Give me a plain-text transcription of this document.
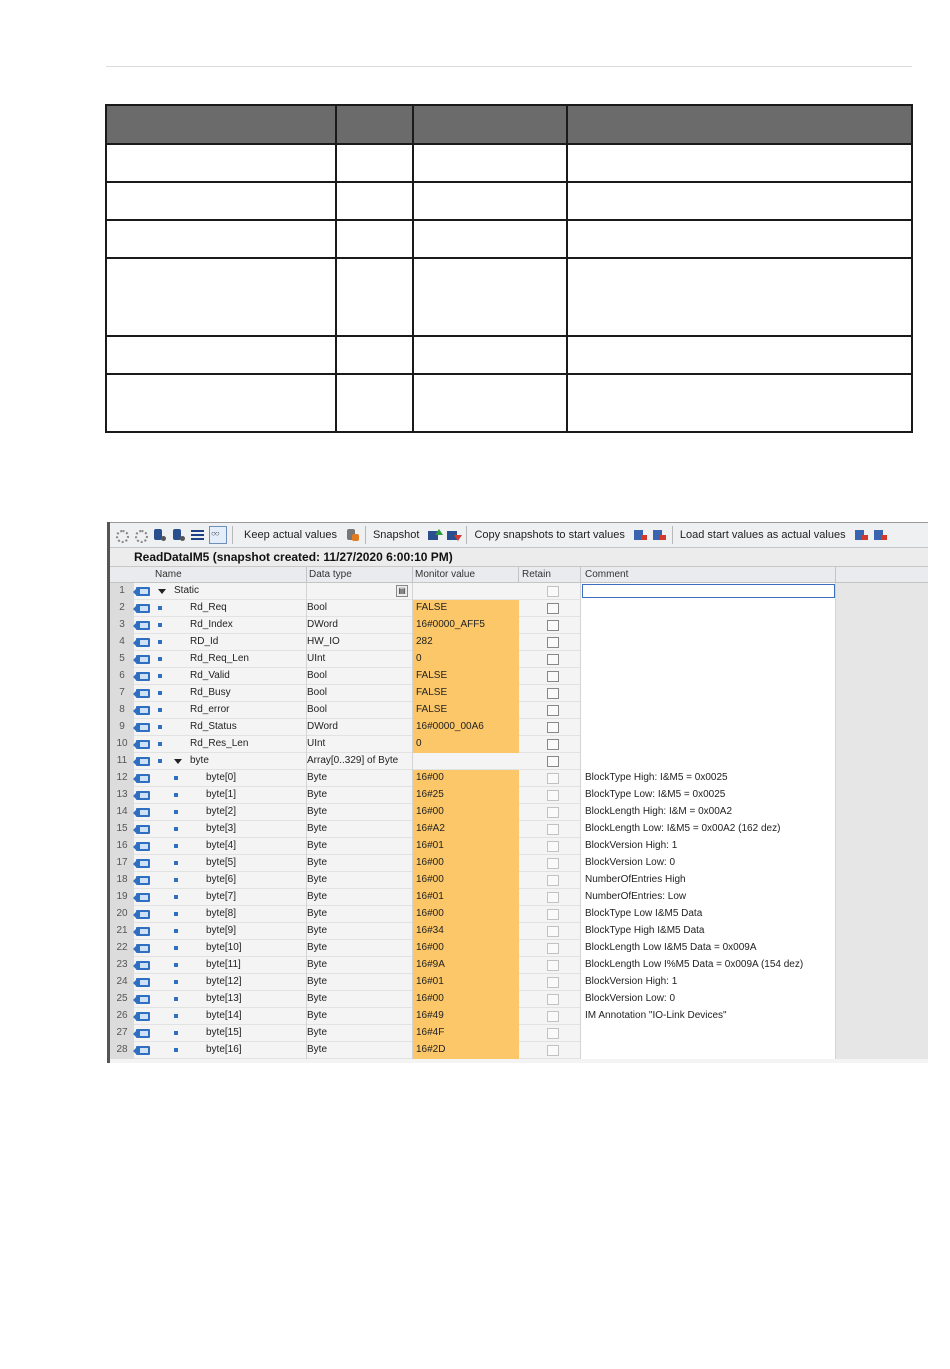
○○
Keep actual values	Snapshot	Copy snapshots to start values	Load start values as actual values
ReadDataIM5 (snapshot created: 11/27/2020 6:00:10 PM)
Name	Data type	Monitor value	Retain	Comment
1	Static	▤
2	Rd_Req	Bool	FALSE
3	Rd_Index	DWord	16#0000_AFF5
4	RD_Id	HW_IO	282
5	Rd_Req_Len	UInt	0
6	Rd_Valid	Bool	FALSE
7	Rd_Busy	Bool	FALSE
8	Rd_error	Bool	FALSE
9	Rd_Status	DWord	16#0000_00A6
10	Rd_Res_Len	UInt	0
11	byte	Array[0..329] of Byte
12	byte[0]	Byte	16#00	BlockType High: I&M5 = 0x0025
13	byte[1]	Byte	16#25	BlockType Low: I&M5 = 0x0025
14	byte[2]	Byte	16#00	BlockLength High: I&M = 0x00A2
15	byte[3]	Byte	16#A2	BlockLength Low: I&M5 = 0x00A2 (162 dez)
16	byte[4]	Byte	16#01	BlockVersion High: 1
17	byte[5]	Byte	16#00	BlockVersion Low: 0
18	byte[6]	Byte	16#00	NumberOfEntries High
19	byte[7]	Byte	16#01	NumberOfEntries: Low
20	byte[8]	Byte	16#00	BlockType Low I&M5 Data
21	byte[9]	Byte	16#34	BlockType High I&M5 Data
22	byte[10]	Byte	16#00	BlockLength Low I&M5 Data = 0x009A
23	byte[11]	Byte	16#9A	BlockLength Low I%M5 Data = 0x009A (154 dez)
24	byte[12]	Byte	16#01	BlockVersion High: 1
25	byte[13]	Byte	16#00	BlockVersion Low: 0
26	byte[14]	Byte	16#49	IM Annotation "IO-Link Devices"
27	byte[15]	Byte	16#4F
28	byte[16]	Byte	16#2D
